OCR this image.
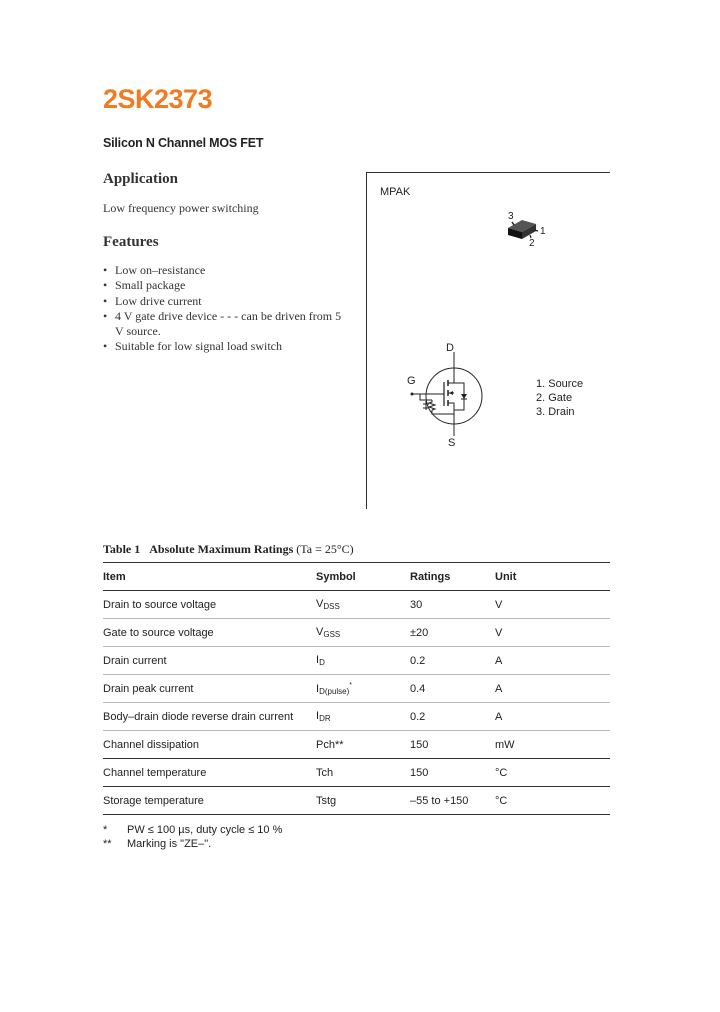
2SK2373
Silicon N Channel MOS FET
Application
Low frequency power switching
Features
• Low on–resistance
• Small package
• Low drive current
• 4 V gate drive device - - - can be driven from 5 V source.
• Suitable for low signal load switch
MPAK
3
1
2
D
G
S
1. Source
2. Gate
3. Drain
Table 1 Absolute Maximum Ratings (Ta = 25°C)
Item	Symbol	Ratings	Unit
Drain to source voltage	$V_{DSS}$	30	V
Gate to source voltage	$V_{GSS}$	±20	V
Drain current	$I_D$	0.2	A
Drain peak current	$I_{D(pulse)}^*$	0.4	A
Body–drain diode reverse drain current	$I_{DR}$	0.2	A
Channel dissipation	Pch**	150	mW
Channel temperature	Tch	150	°C
Storage temperature	Tstg	–55 to +150	°C
* PW ≤ 100 µs, duty cycle ≤ 10 %
** Marking is "ZE–".
